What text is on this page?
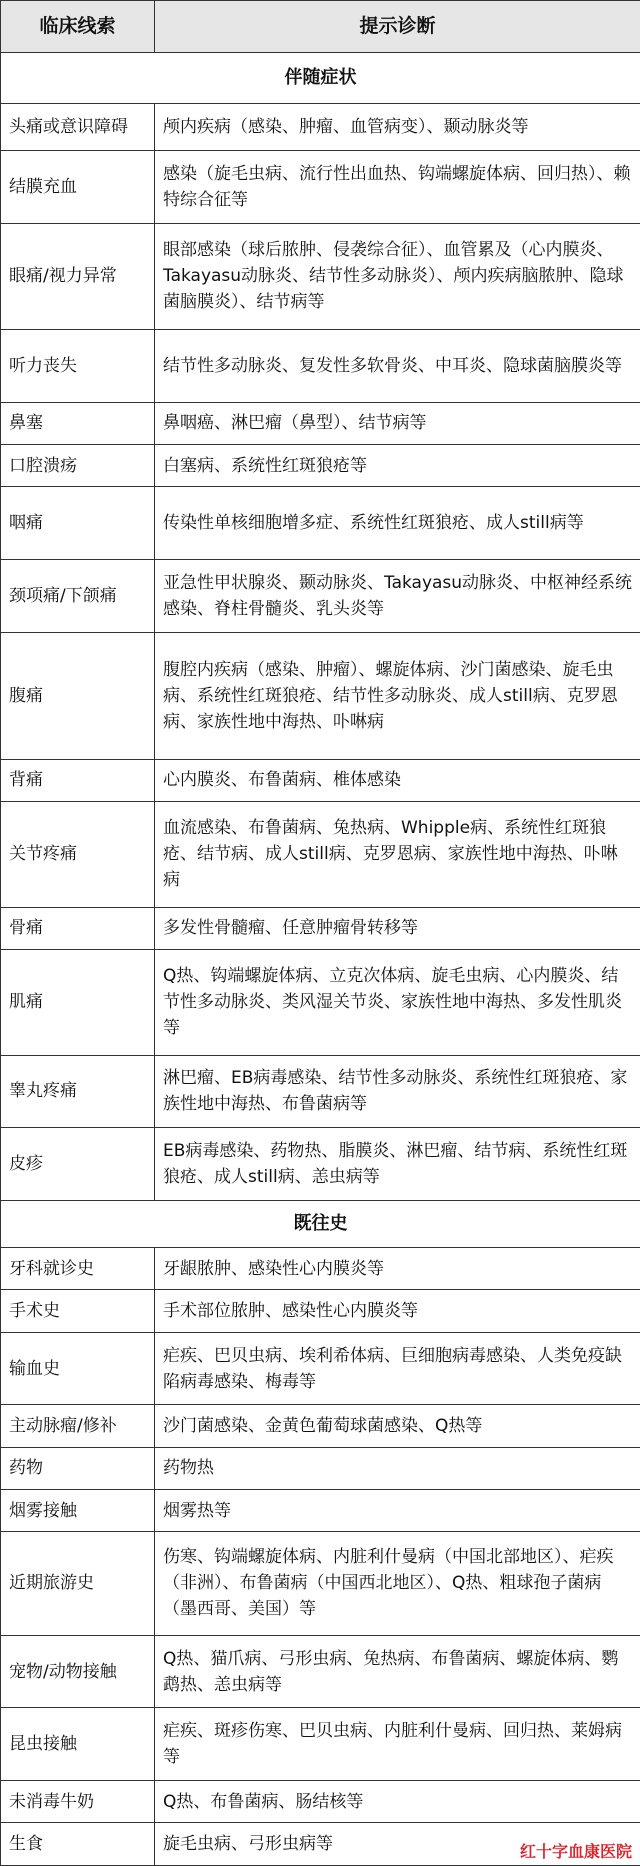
临床线索	提示诊断
伴随症状	
头痛或意识障碍	颅内疾病（感染、肿瘤、血管病变）、颞动脉炎等
结膜充血	感染（旋毛虫病、流行性出血热、钩端螺旋体病、回归热）、赖特综合征等
眼痛/视力异常	眼部感染（球后脓肿、侵袭综合征）、血管累及（心内膜炎、Takayasu动脉炎、结节性多动脉炎）、颅内疾病脑脓肿、隐球菌脑膜炎）、结节病等
听力丧失	结节性多动脉炎、复发性多软骨炎、中耳炎、隐球菌脑膜炎等
鼻塞	鼻咽癌、淋巴瘤（鼻型）、结节病等
口腔溃疡	白塞病、系统性红斑狼疮等
咽痛	传染性单核细胞增多症、系统性红斑狼疮、成人still病等
颈项痛/下颌痛	亚急性甲状腺炎、颞动脉炎、Takayasu动脉炎、中枢神经系统感染、脊柱骨髓炎、乳头炎等
腹痛	腹腔内疾病（感染、肿瘤）、螺旋体病、沙门菌感染、旋毛虫病、系统性红斑狼疮、结节性多动脉炎、成人still病、克罗恩病、家族性地中海热、卟啉病
背痛	心内膜炎、布鲁菌病、椎体感染
关节疼痛	血流感染、布鲁菌病、兔热病、Whipple病、系统性红斑狼疮、结节病、成人still病、克罗恩病、家族性地中海热、卟啉病
骨痛	多发性骨髓瘤、任意肿瘤骨转移等
肌痛	Q热、钩端螺旋体病、立克次体病、旋毛虫病、心内膜炎、结节性多动脉炎、类风湿关节炎、家族性地中海热、多发性肌炎等
睾丸疼痛	淋巴瘤、EB病毒感染、结节性多动脉炎、系统性红斑狼疮、家族性地中海热、布鲁菌病等
皮疹	EB病毒感染、药物热、脂膜炎、淋巴瘤、结节病、系统性红斑狼疮、成人still病、恙虫病等
既往史	
牙科就诊史	牙龈脓肿、感染性心内膜炎等
手术史	手术部位脓肿、感染性心内膜炎等
输血史	疟疾、巴贝虫病、埃利希体病、巨细胞病毒感染、人类免疫缺陷病毒感染、梅毒等
主动脉瘤/修补	沙门菌感染、金黄色葡萄球菌感染、Q热等
药物	药物热
烟雾接触	烟雾热等
近期旅游史	伤寒、钩端螺旋体病、内脏利什曼病（中国北部地区）、疟疾（非洲）、布鲁菌病（中国西北地区）、Q热、粗球孢子菌病（墨西哥、美国）等
宠物/动物接触	Q热、猫爪病、弓形虫病、兔热病、布鲁菌病、螺旋体病、鹦鹉热、恙虫病等
昆虫接触	疟疾、斑疹伤寒、巴贝虫病、内脏利什曼病、回归热、莱姆病等
未消毒牛奶	Q热、布鲁菌病、肠结核等
生食	旋毛虫病、弓形虫病等	红十字血康医院
